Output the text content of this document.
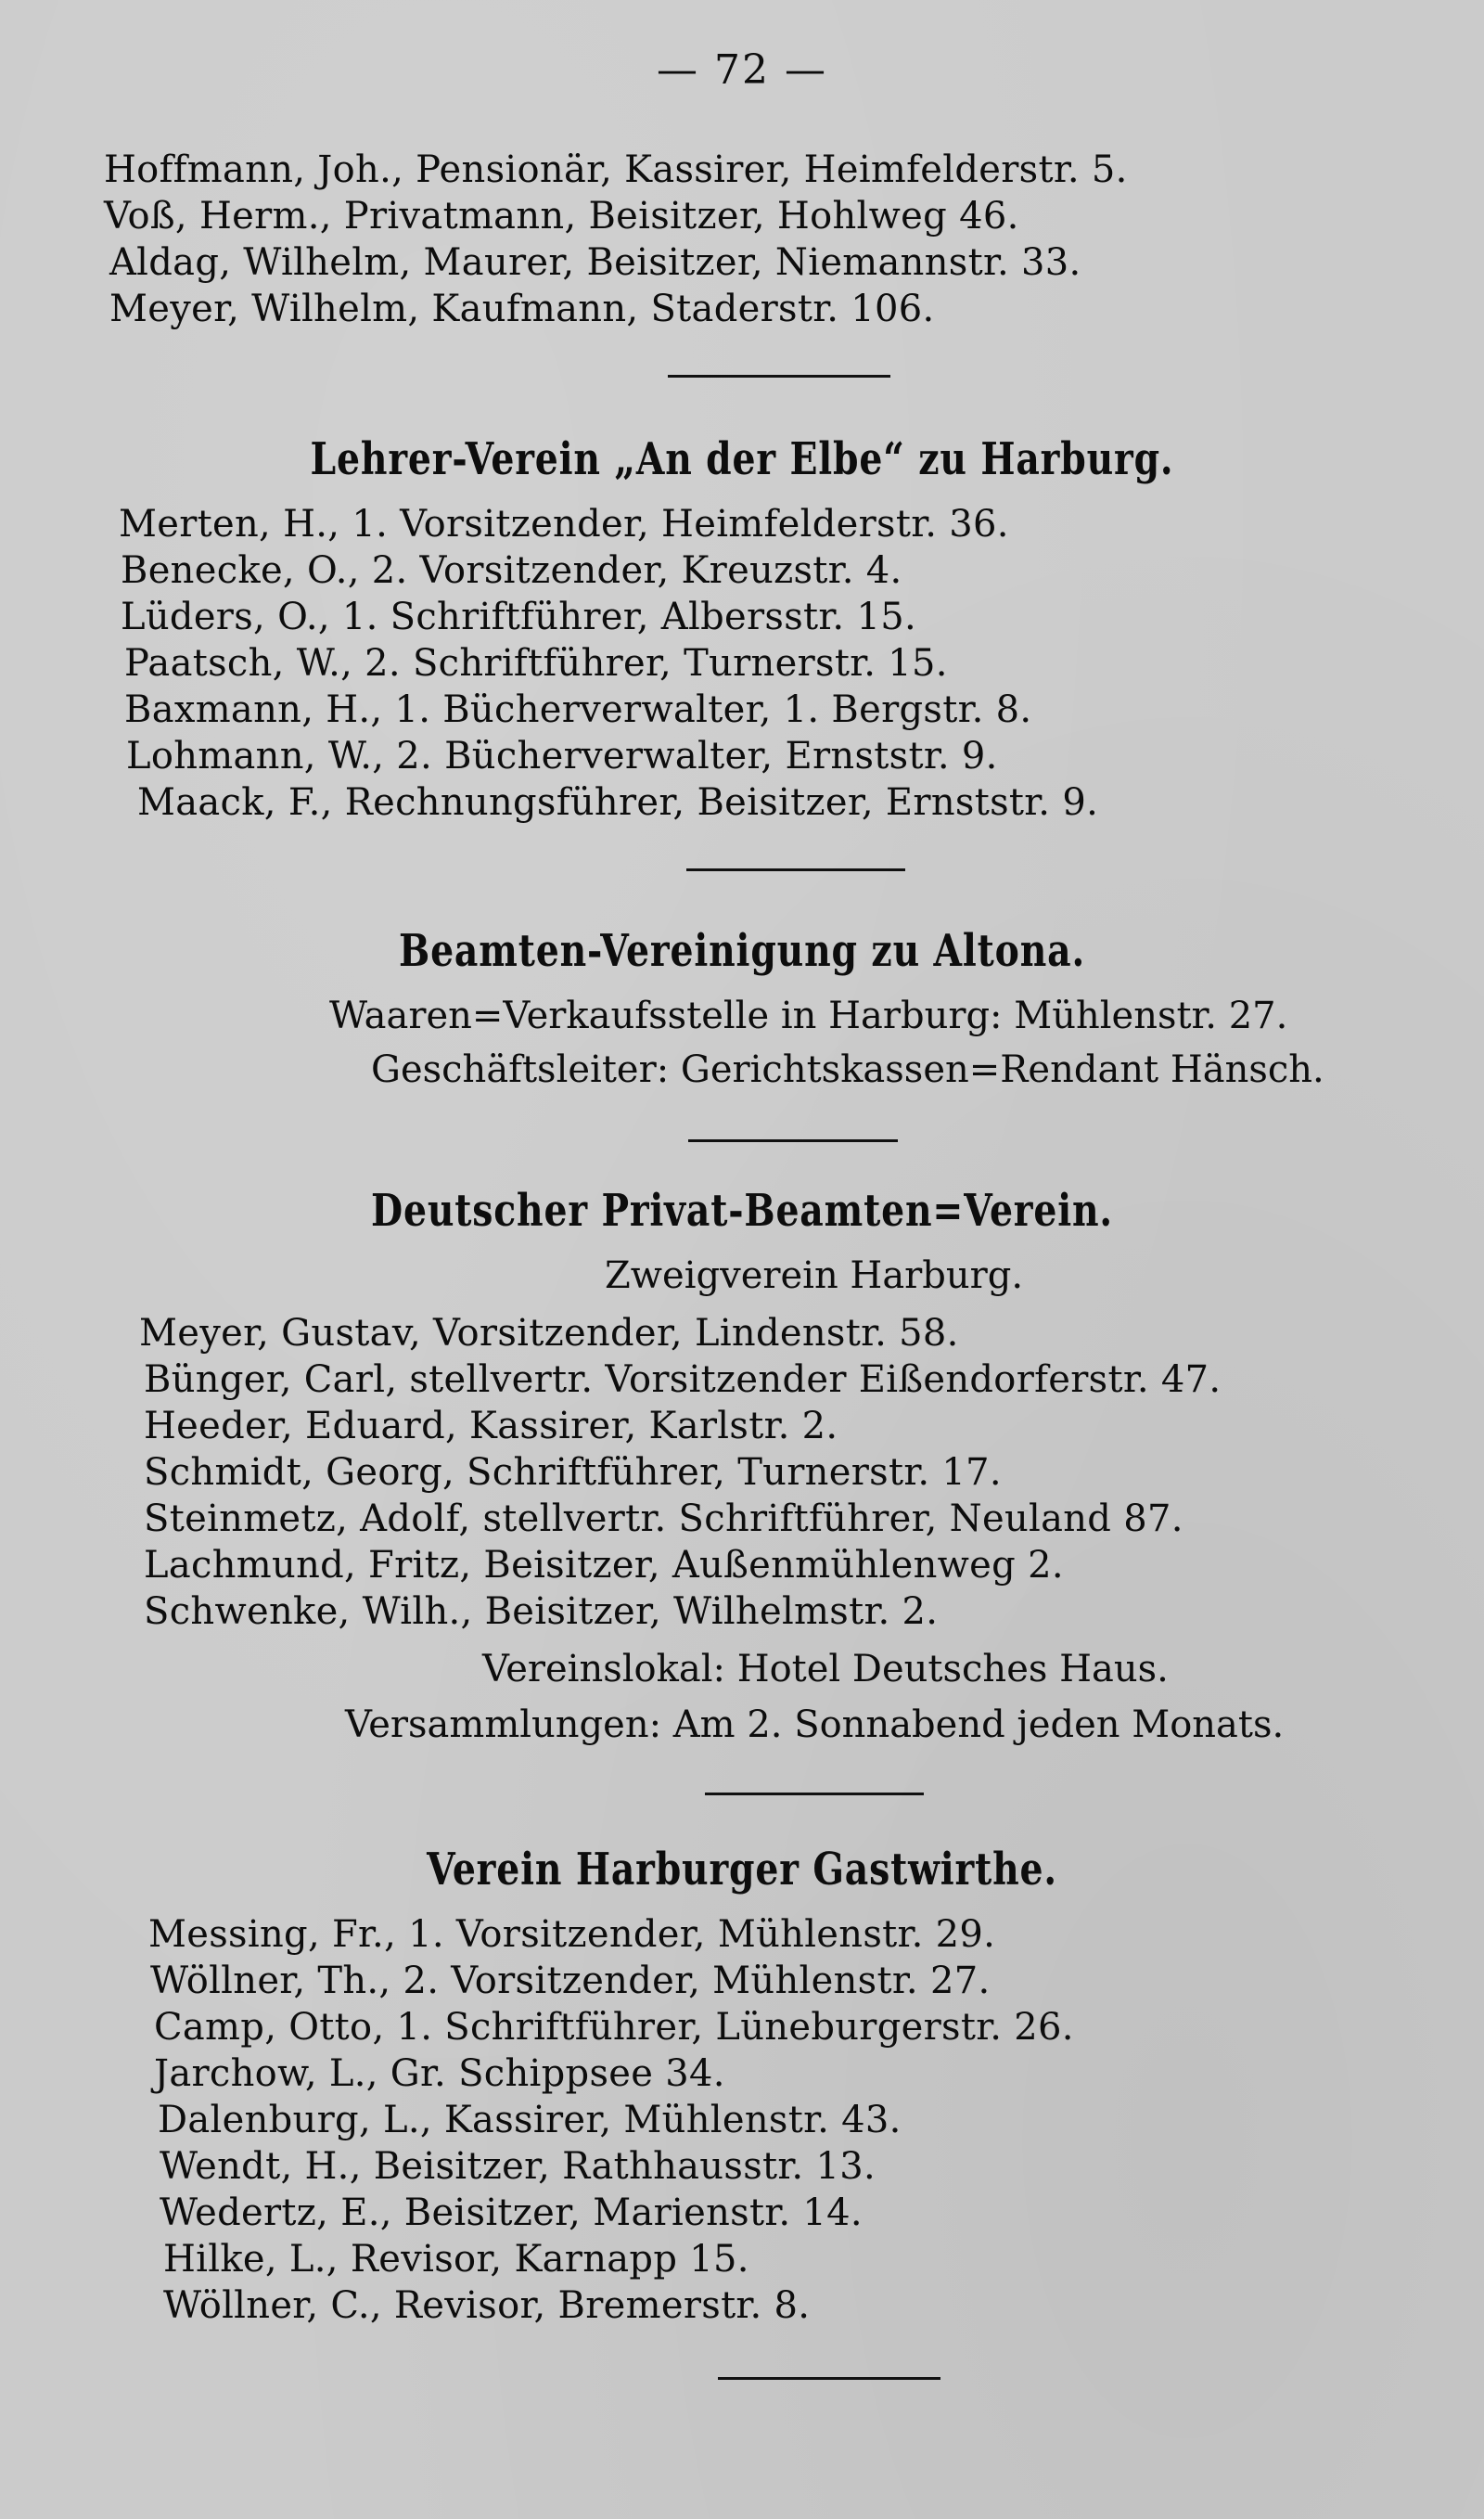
— 72 —
Hoffmann, Joh., Pensionär, Kassirer, Heimfelderstr. 5.
Voß, Herm., Privatmann, Beisitzer, Hohlweg 46.
Aldag, Wilhelm, Maurer, Beisitzer, Niemannstr. 33.
Meyer, Wilhelm, Kaufmann, Staderstr. 106.
Lehrer-Verein „An der Elbe“ zu Harburg.
Merten, H., 1. Vorsitzender, Heimfelderstr. 36.
Benecke, O., 2. Vorsitzender, Kreuzstr. 4.
Lüders, O., 1. Schriftführer, Albersstr. 15.
Paatsch, W., 2. Schriftführer, Turnerstr. 15.
Baxmann, H., 1. Bücherverwalter, 1. Bergstr. 8.
Lohmann, W., 2. Bücherverwalter, Ernststr. 9.
Maack, F., Rechnungsführer, Beisitzer, Ernststr. 9.
Beamten-Vereinigung zu Altona.
Waaren=Verkaufsstelle in Harburg: Mühlenstr. 27.
Geschäftsleiter: Gerichtskassen=Rendant Hänsch.
Deutscher Privat-Beamten=Verein.
Zweigverein Harburg.
Meyer, Gustav, Vorsitzender, Lindenstr. 58.
Bünger, Carl, stellvertr. Vorsitzender Eißendorferstr. 47.
Heeder, Eduard, Kassirer, Karlstr. 2.
Schmidt, Georg, Schriftführer, Turnerstr. 17.
Steinmetz, Adolf, stellvertr. Schriftführer, Neuland 87.
Lachmund, Fritz, Beisitzer, Außenmühlenweg 2.
Schwenke, Wilh., Beisitzer, Wilhelmstr. 2.
Vereinslokal: Hotel Deutsches Haus.
Versammlungen: Am 2. Sonnabend jeden Monats.
Verein Harburger Gastwirthe.
Messing, Fr., 1. Vorsitzender, Mühlenstr. 29.
Wöllner, Th., 2. Vorsitzender, Mühlenstr. 27.
Camp, Otto, 1. Schriftführer, Lüneburgerstr. 26.
Jarchow, L., Gr. Schippsee 34.
Dalenburg, L., Kassirer, Mühlenstr. 43.
Wendt, H., Beisitzer, Rathhausstr. 13.
Wedertz, E., Beisitzer, Marienstr. 14.
Hilke, L., Revisor, Karnapp 15.
Wöllner, C., Revisor, Bremerstr. 8.
